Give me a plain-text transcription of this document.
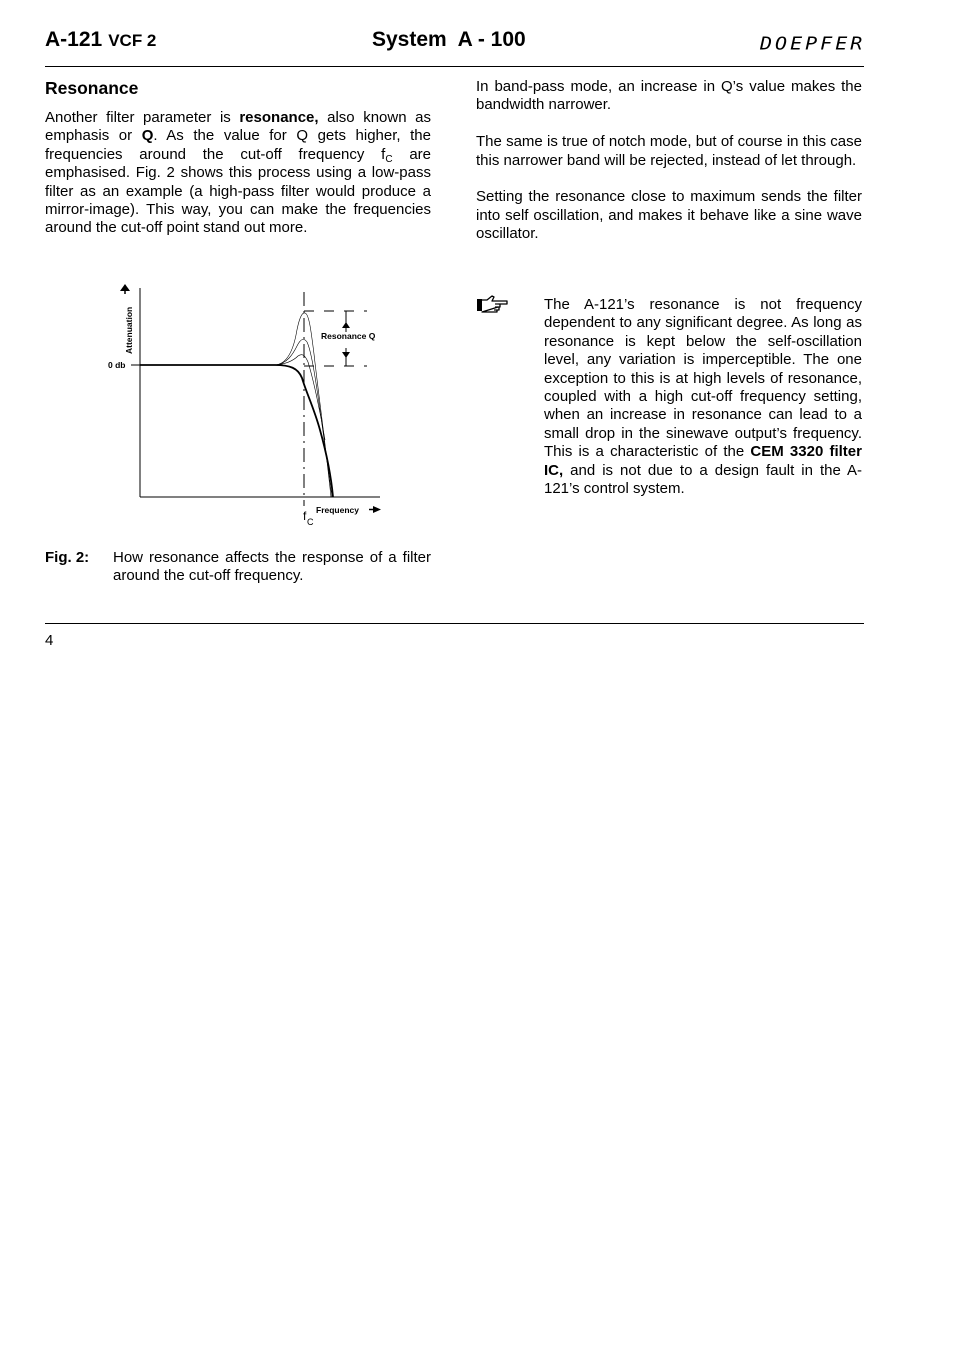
A-121 VCF 2	System  A - 100	DOEPFER
Resonance
Another filter parameter is resonance, also known as emphasis or Q. As the value for Q gets higher, the frequencies around the cut-off frequency $f_C$ are emphasised. Fig. 2 shows this process using a low-pass filter as an example (a high-pass filter would produce a mirror-image). This way, you can make the frequencies around the cut-off point stand out more.
Attenuation
0 db
Resonance Q
Frequency
f C
Fig. 2: How resonance affects the response of a filter around the cut-off frequency.

In band-pass mode, an increase in Q’s value makes the bandwidth narrower.

The same is true of notch mode, but of course in this case this narrower band will be rejected, instead of let through.

Setting the resonance close to maximum sends the filter into self oscillation, and makes it behave like a sine wave oscillator.

The A-121’s resonance is not frequency dependent to any significant degree. As long as resonance is kept below the self-oscillation level, any variation is imperceptible. The one exception to this is at high levels of resonance, coupled with a high cut-off frequency setting, when an increase in resonance can lead to a small drop in the sinewave output’s frequency. This is a characteristic of the CEM 3320 filter IC, and is not due to a design fault in the A-121’s control system.
4
